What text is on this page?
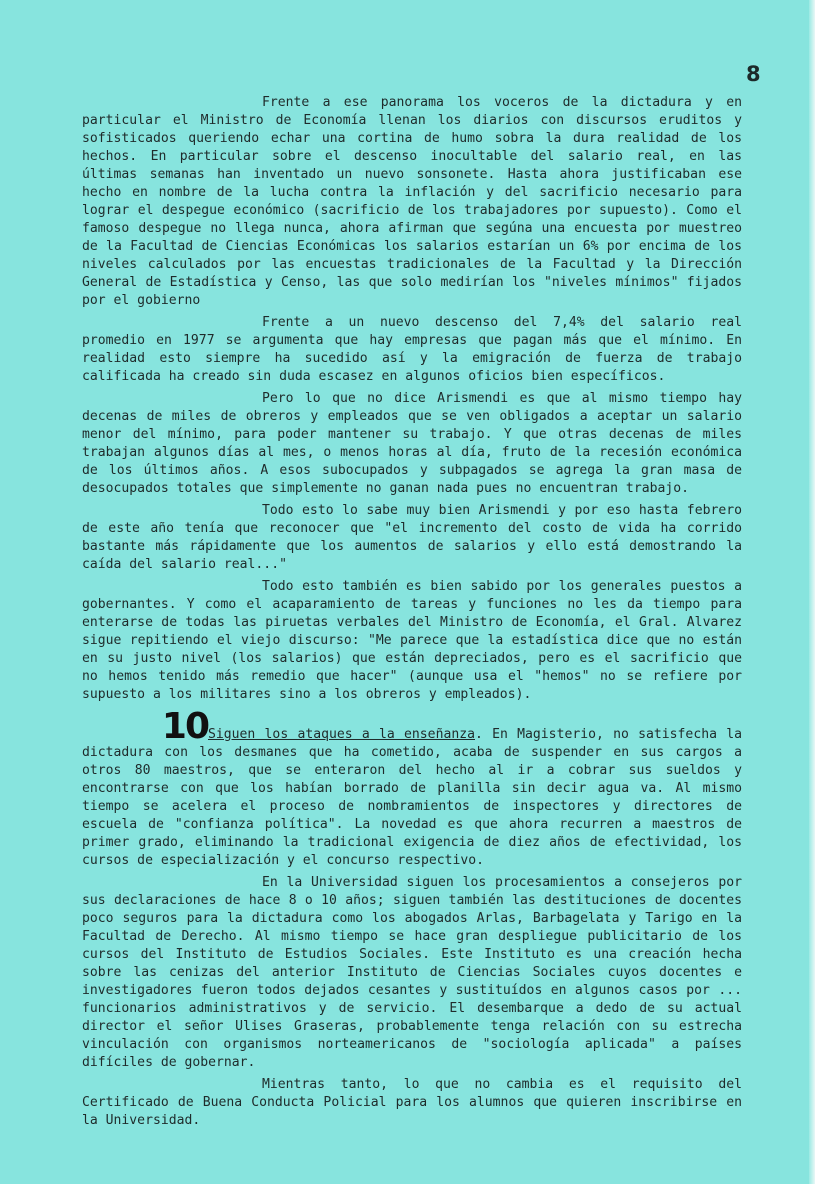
8

Frente a ese panorama los voceros de la dictadura y en particular el Ministro de Economía llenan los diarios con discursos eruditos y sofisticados queriendo echar una cortina de humo sobra la dura realidad de los hechos. En particular sobre el descenso inocultable del salario real, en las últimas semanas han inventado un nuevo sonsonete. Hasta ahora justificaban ese hecho en nombre de la lucha contra la inflación y del sacrificio necesario para lograr el despegue económico (sacrificio de los trabajadores por supuesto). Como el famoso despegue no llega nunca, ahora afirman que segúna una encuesta por muestreo de la Facultad de Ciencias Económicas los salarios estarían un 6% por encima de los niveles calculados por las encuestas tradicionales de la Facultad y la Dirección General de Estadística y Censo, las que solo medirían los "niveles mínimos" fijados por el gobierno

Frente a un nuevo descenso del 7,4% del salario real promedio en 1977 se argumenta que hay empresas que pagan más que el mínimo. En realidad esto siempre ha sucedido así y la emigración de fuerza de trabajo calificada ha creado sin duda escasez en algunos oficios bien específicos.

Pero lo que no dice Arismendi es que al mismo tiempo hay decenas de miles de obreros y empleados que se ven obligados a aceptar un salario menor del mínimo, para poder mantener su trabajo. Y que otras decenas de miles trabajan algunos días al mes, o menos horas al día, fruto de la recesión económica de los últimos años. A esos subocupados y subpagados se agrega la gran masa de desocupados totales que simplemente no ganan nada pues no encuentran trabajo.

Todo esto lo sabe muy bien Arismendi y por eso hasta febrero de este año tenía que reconocer que "el incremento del costo de vida ha corrido bastante más rápidamente que los aumentos de salarios y ello está demostrando la caída del salario real..."

Todo esto también es bien sabido por los generales puestos a gobernantes. Y como el acaparamiento de tareas y funciones no les da tiempo para enterarse de todas las piruetas verbales del Ministro de Economía, el Gral. Alvarez sigue repitiendo el viejo discurso: "Me parece que la estadística dice que no están en su justo nivel (los salarios) que están depreciados, pero es el sacrificio que no hemos tenido más remedio que hacer" (aunque usa el "hemos" no se refiere por supuesto a los militares sino a los obreros y empleados).

10Siguen los ataques a la enseñanza. En Magisterio, no satisfecha la dictadura con los desmanes que ha cometido, acaba de suspender en sus cargos a otros 80 maestros, que se enteraron del hecho al ir a cobrar sus sueldos y encontrarse con que los habían borrado de planilla sin decir agua va. Al mismo tiempo se acelera el proceso de nombramientos de inspectores y directores de escuela de "confianza política". La novedad es que ahora recurren a maestros de primer grado, eliminando la tradicional exigencia de diez años de efectividad, los cursos de especialización y el concurso respectivo.

En la Universidad siguen los procesamientos a consejeros por sus declaraciones de hace 8 o 10 años; siguen también las destituciones de docentes poco seguros para la dictadura como los abogados Arlas, Barbagelata y Tarigo en la Facultad de Derecho. Al mismo tiempo se hace gran despliegue publicitario de los cursos del Instituto de Estudios Sociales. Este Instituto es una creación hecha sobre las cenizas del anterior Instituto de Ciencias Sociales cuyos docentes e investigadores fueron todos dejados cesantes y sustituídos en algunos casos por ... funcionarios administrativos y de servicio. El desembarque a dedo de su actual director el señor Ulises Graseras, probablemente tenga relación con su estrecha vinculación con organismos norteamericanos de "sociología aplicada" a países difíciles de gobernar.

Mientras tanto, lo que no cambia es el requisito del Certificado de Buena Conducta Policial para los alumnos que quieren inscribirse en la Universidad.
